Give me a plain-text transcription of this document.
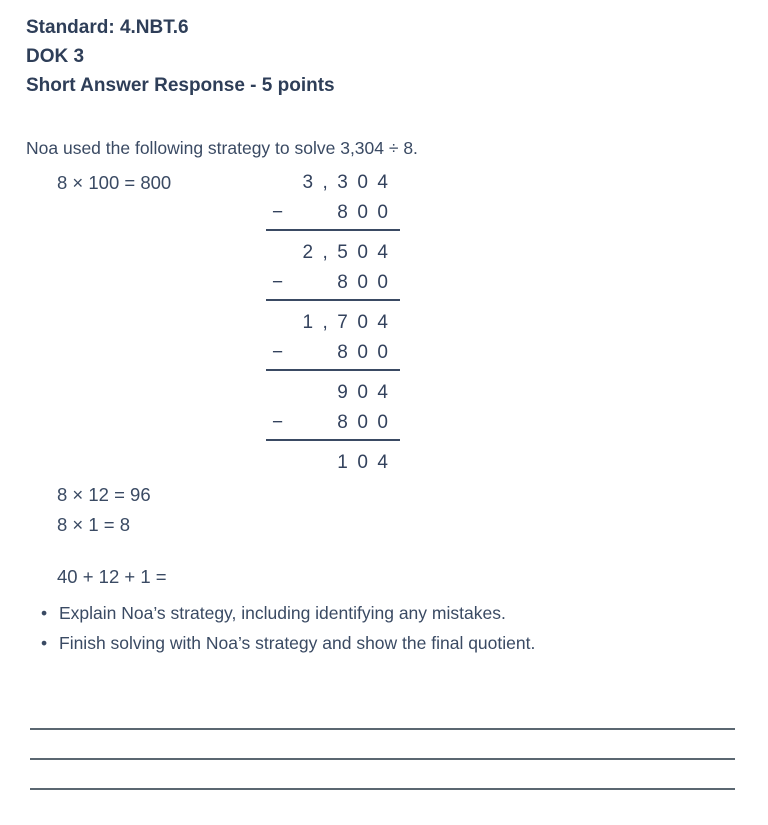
Standard: 4.NBT.6
DOK 3
Short Answer Response - 5 points
Noa used the following strategy to solve 3,304 ÷ 8.
8 × 100 = 800	3,304
−	800
2,504
−	800
1,704
−	800
904
−	800
104
8 × 12 = 96
8 × 1 = 8
40 + 12 + 1 =
• Explain Noa’s strategy, including identifying any mistakes.
• Finish solving with Noa’s strategy and show the final quotient.
